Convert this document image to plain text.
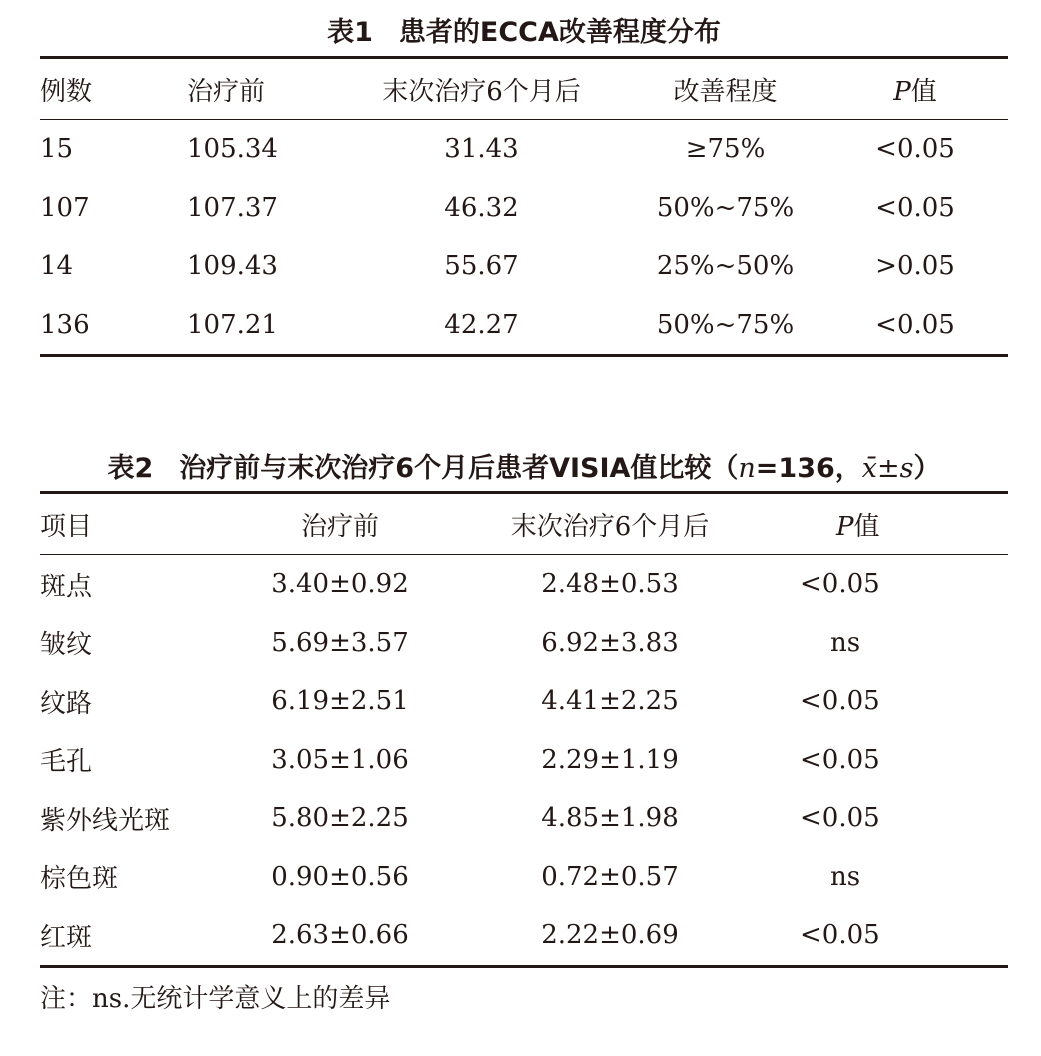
表1 患者的ECCA改善程度分布
例数	治疗前	末次治疗6个月后	改善程度	P值
15	105.34	31.43	≥75%	<0.05
107	107.37	46.32	50%~75%	<0.05
14	109.43	55.67	25%~50%	>0.05
136	107.21	42.27	50%~75%	<0.05
表2 治疗前与末次治疗6个月后患者VISIA值比较（n=136，x̄±s）
项目	治疗前	末次治疗6个月后	P值
斑点	3.40±0.92	2.48±0.53	<0.05
皱纹	5.69±3.57	6.92±3.83	ns
纹路	6.19±2.51	4.41±2.25	<0.05
毛孔	3.05±1.06	2.29±1.19	<0.05
紫外线光斑	5.80±2.25	4.85±1.98	<0.05
棕色斑	0.90±0.56	0.72±0.57	ns
红斑	2.63±0.66	2.22±0.69	<0.05
注：ns.无统计学意义上的差异
